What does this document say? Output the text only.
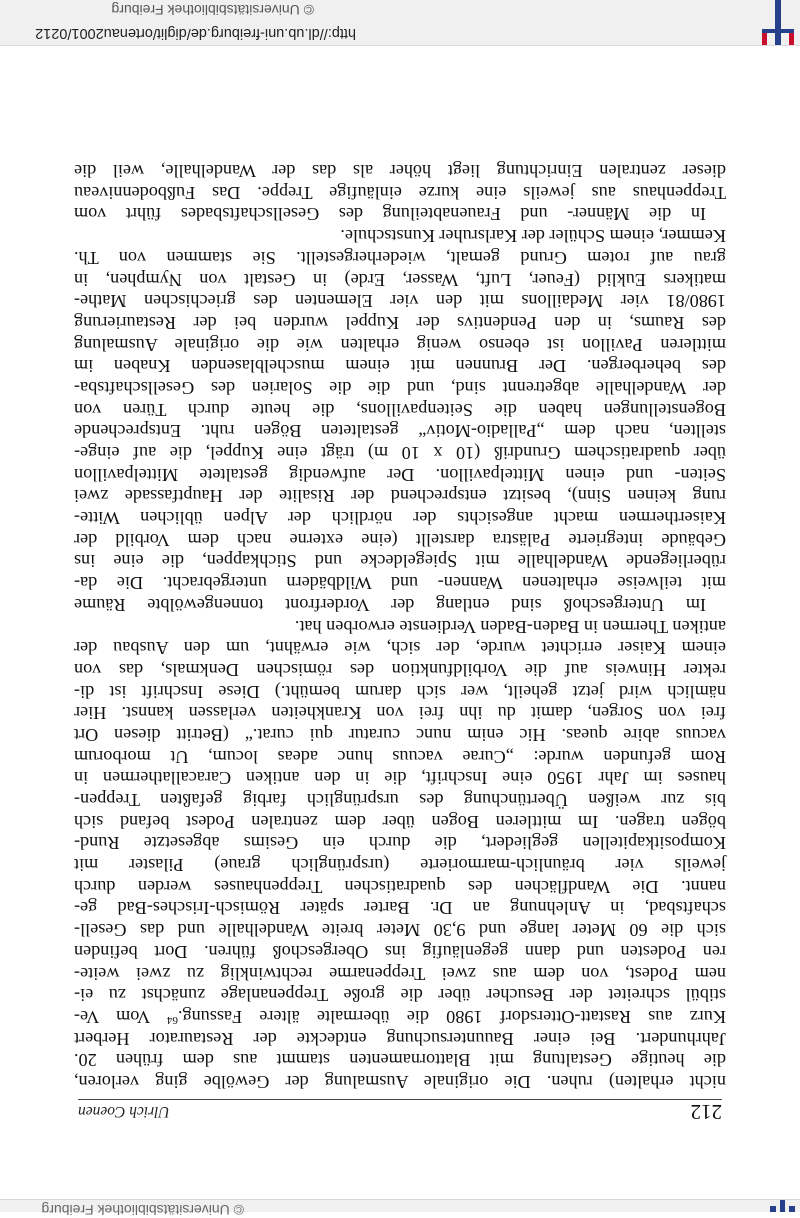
© Universitätsbibliothek Freiburg
212
Ulrich Coenen
nicht erhalten) ruhen. Die originale Ausmalung der Gewölbe ging verloren,
die heutige Gestaltung mit Blattornamenten stammt aus dem frühen 20.
Jahrhundert. Bei einer Bauuntersuchung entdeckte der Restaurator Herbert
Kurz aus Rastatt-Ottersdorf 1980 die übermalte ältere Fassung.$^{64}$ Vom Ve-
stibül schreitet der Besucher über die große Treppenanlage zunächst zu ei-
nem Podest, von dem aus zwei Treppenarme rechtwinklig zu zwei weite-
ren Podesten und dann gegenläufig ins Obergeschoß führen. Dort befinden
sich die 60 Meter lange und 9,30 Meter breite Wandelhalle und das Gesell-
schaftsbad, in Anlehnung an Dr. Barter später Römisch-Irisches-Bad ge-
nannt. Die Wandflächen des quadratischen Treppenhauses werden durch
jeweils vier bräunlich-marmorierte (ursprünglich graue) Pilaster mit
Kompositkapitellen gegliedert, die durch ein Gesims abgesetzte Rund-
bögen tragen. Im mittleren Bogen über dem zentralen Podest befand sich
bis zur weißen Übertünchung des ursprünglich farbig gefaßten Treppen-
hauses im Jahr 1950 eine Inschrift, die in den antiken Caracallathermen in
Rom gefunden wurde: „Curae vacuus hunc adeas locum, Ut morborum
vacuus abire queas. Hic enim nunc curatur qui curat.“ (Betritt diesen Ort
frei von Sorgen, damit du ihn frei von Krankheiten verlassen kannst. Hier
nämlich wird jetzt geheilt, wer sich darum bemüht.) Diese Inschrift ist di-
rekter Hinweis auf die Vorbildfunktion des römischen Denkmals, das von
einem Kaiser errichtet wurde, der sich, wie erwähnt, um den Ausbau der
antiken Thermen in Baden-Baden Verdienste erworben hat.
Im Untergeschoß sind entlang der Vorderfront tonnengewölbte Räume
mit teilweise erhaltenen Wannen- und Wildbädern untergebracht. Die da-
rüberliegende Wandelhalle mit Spiegeldecke und Stichkappen, die eine ins
Gebäude integrierte Palästra darstellt (eine externe nach dem Vorbild der
Kaiserthermen macht angesichts der nördlich der Alpen üblichen Witte-
rung keinen Sinn), besitzt entsprechend der Risalite der Hauptfassade zwei
Seiten- und einen Mittelpavillon. Der aufwendig gestaltete Mittelpavillon
über quadratischem Grundriß (10 x 10 m) trägt eine Kuppel, die auf einge-
stellten, nach dem „Palladio-Motiv“ gestalteten Bögen ruht. Entsprechende
Bogenstellungen haben die Seitenpavillons, die heute durch Türen von
der Wandelhalle abgetrennt sind, und die die Solarien des Gesellschaftsba-
des beherbergen. Der Brunnen mit einem muschelblasenden Knaben im
mittleren Pavillon ist ebenso wenig erhalten wie die originale Ausmalung
des Raums, in den Pendentivs der Kuppel wurden bei der Restaurierung
1980/81 vier Medaillons mit den vier Elementen des griechischen Mathe-
matikers Euklid (Feuer, Luft, Wasser, Erde) in Gestalt von Nymphen, in
grau auf rotem Grund gemalt, wiederhergestellt. Sie stammen von Th.
Kemmer, einem Schüler der Karlsruher Kunstschule.
In die Männer- und Frauenabteilung des Gesellschaftsbades führt vom
Treppenhaus aus jeweils eine kurze einläufige Treppe. Das Fußbodenniveau
dieser zentralen Einrichtung liegt höher als das der Wandelhalle, weil die
http://dl.ub.uni-freiburg.de/diglit/ortenau2001/0212
© Universitätsbibliothek Freiburg
